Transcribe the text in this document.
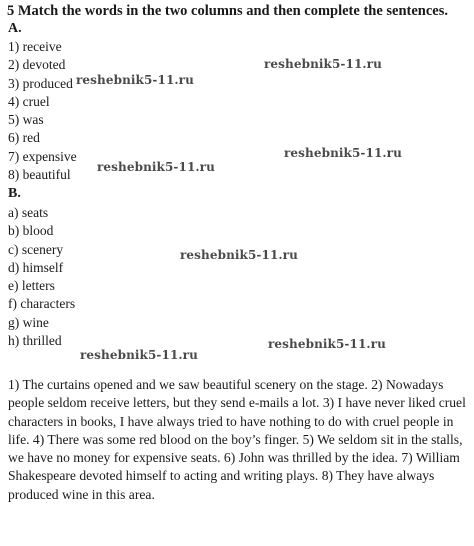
5 Match the words in the two columns and then complete the sentences.
A.
1) receive
2) devoted
3) produced
4) cruel
5) was
6) red
7) expensive
8) beautiful
B.
a) seats
b) blood
c) scenery
d) himself
e) letters
f) characters
g) wine
h) thrilled
reshebnik5-11.ru
reshebnik5-11.ru
reshebnik5-11.ru
reshebnik5-11.ru
reshebnik5-11.ru
reshebnik5-11.ru
reshebnik5-11.ru

1) The curtains opened and we saw beautiful scenery on the stage. 2) Nowadays people seldom receive letters, but they send e-mails a lot. 3) I have never liked cruel characters in books, I have always tried to have nothing to do with cruel people in life. 4) There was some red blood on the boy’s finger. 5) We seldom sit in the stalls, we have no money for expensive seats. 6) John was thrilled by the idea. 7) William Shakespeare devoted himself to acting and writing plays. 8) They have always produced wine in this area.
